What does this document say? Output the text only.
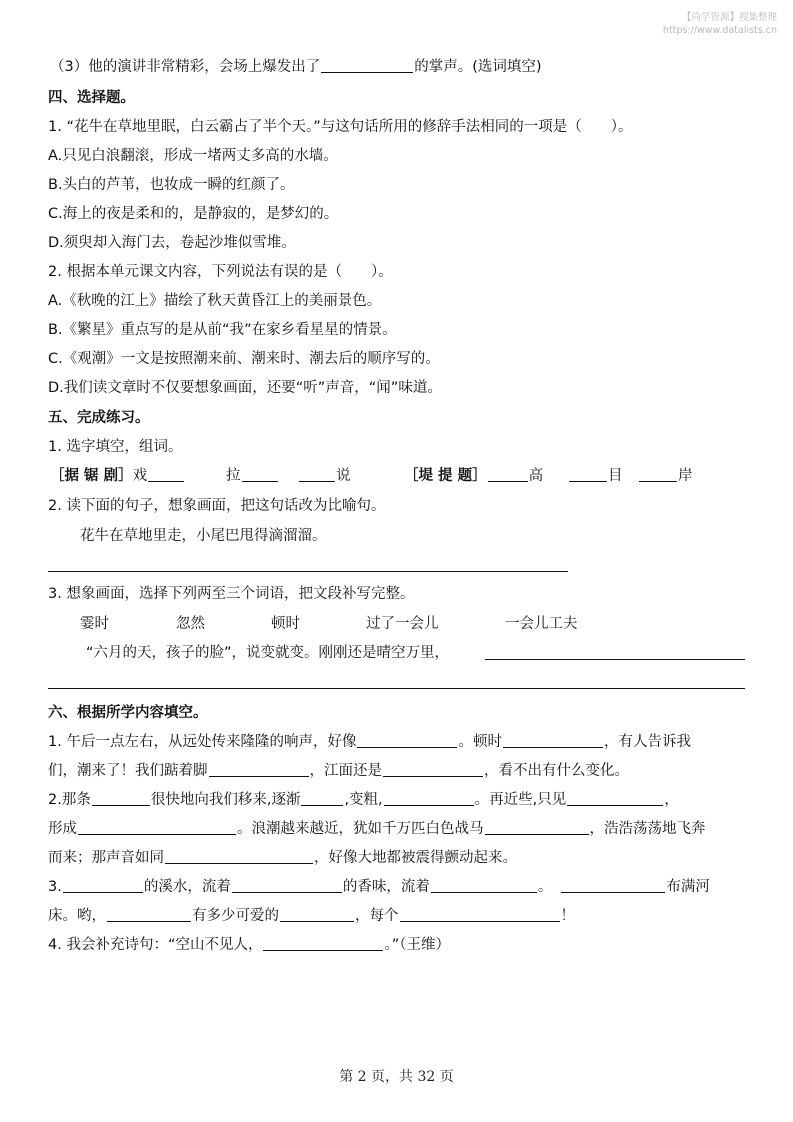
【尚学资源】搜集整理
https://www.datalists.cn
（3）他的演讲非常精彩，会场上爆发出了	的掌声。(选词填空)
四、选择题。
1. “花牛在草地里眠，白云霸占了半个天。”与这句话所用的修辞手法相同的一项是（　　）。
A.只见白浪翻滚，形成一堵两丈多高的水墙。
B.头白的芦苇，也妆成一瞬的红颜了。
C.海上的夜是柔和的，是静寂的，是梦幻的。
D.须臾却入海门去，卷起沙堆似雪堆。
2. 根据本单元课文内容，下列说法有误的是（　　）。
A.《秋晚的江上》描绘了秋天黄昏江上的美丽景色。
B.《繁星》重点写的是从前“我”在家乡看星星的情景。
C.《观潮》一文是按照潮来前、潮来时、潮去后的顺序写的。
D.我们读文章时不仅要想象画面，还要“听”声音，“闻”味道。
五、完成练习。
1. 选字填空，组词。
［据 锯 剧］戏	拉	说	［堤 提 题］	高	目	岸
2. 读下面的句子，想象画面，把这句话改为比喻句。
花牛在草地里走，小尾巴甩得滴溜溜。
3. 想象画面，选择下列两至三个词语，把文段补写完整。
霎时	忽然	顿时	过了一会儿	一会儿工夫
“六月的天，孩子的脸”，说变就变。刚刚还是晴空万里，
六、根据所学内容填空。
1. 午后一点左右，从远处传来隆隆的响声，好像	。顿时	，有人告诉我
们，潮来了！我们踮着脚	，江面还是	，看不出有什么变化。
2.那条	很快地向我们移来,逐渐	,变粗,	。再近些,只见	，
形成	。浪潮越来越近，犹如千万匹白色战马	，浩浩荡荡地飞奔
而来；那声音如同	，好像大地都被震得颤动起来。
3.	的溪水，流着	的香味，流着	。	布满河
床。哟，	有多少可爱的	，每个	！
4. 我会补充诗句：“空山不见人，	。”（王维）
第 2 页，共 32 页
